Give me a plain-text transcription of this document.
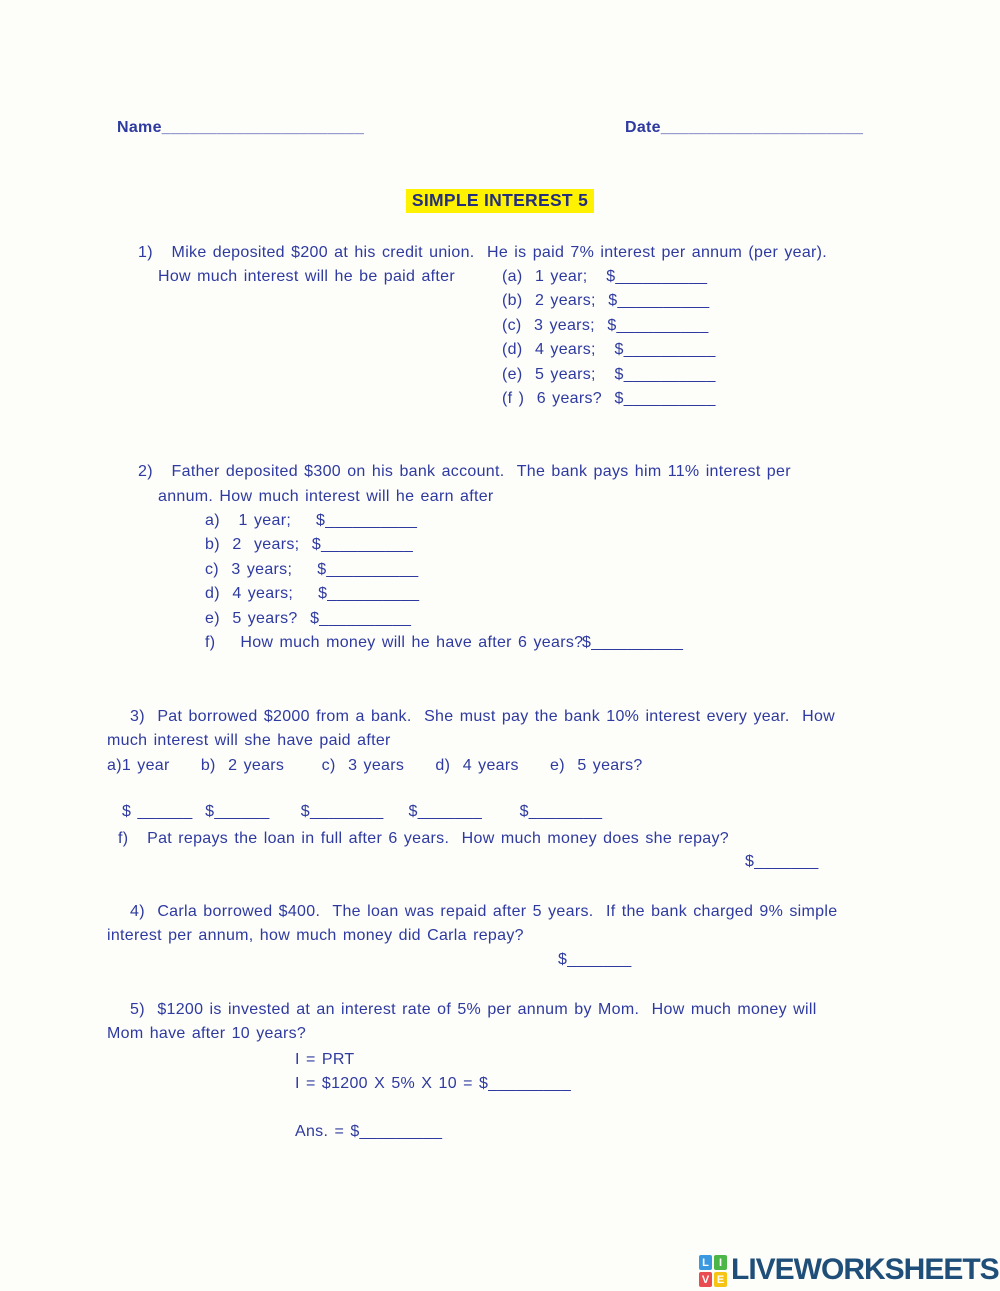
Name______________________	Date______________________
SIMPLE INTEREST 5
1)   Mike deposited $200 at his credit union.  He is paid 7% interest per annum (per year).
How much interest will he be paid after	(a)  1 year;   $__________
(b)  2 years;  $__________
(c)  3 years;  $__________
(d)  4 years;   $__________
(e)  5 years;   $__________
(f )  6 years?  $__________
2)   Father deposited $300 on his bank account.  The bank pays him 11% interest per
annum. How much interest will he earn after
a)   1 year;    $__________
b)  2  years;  $__________
c)  3 years;    $__________
d)  4 years;    $__________
e)  5 years?  $__________
f)    How much money will he have after 6 years?
$__________
3)  Pat borrowed $2000 from a bank.  She must pay the bank 10% interest every year.  How
much interest will she have paid after
a)1 year     b)  2 years      c)  3 years     d)  4 years     e)  5 years?
$ ______  $______     $________    $_______      $________
f)   Pat repays the loan in full after 6 years.  How much money does she repay?
$_______
4)  Carla borrowed $400.  The loan was repaid after 5 years.  If the bank charged 9% simple
interest per annum, how much money did Carla repay?
$_______
5)  $1200 is invested at an interest rate of 5% per annum by Mom.  How much money will
Mom have after 10 years?
I = PRT
I = $1200 X 5% X 10 = $_________
Ans. = $_________
L I
V E LIVEWORKSHEETS
